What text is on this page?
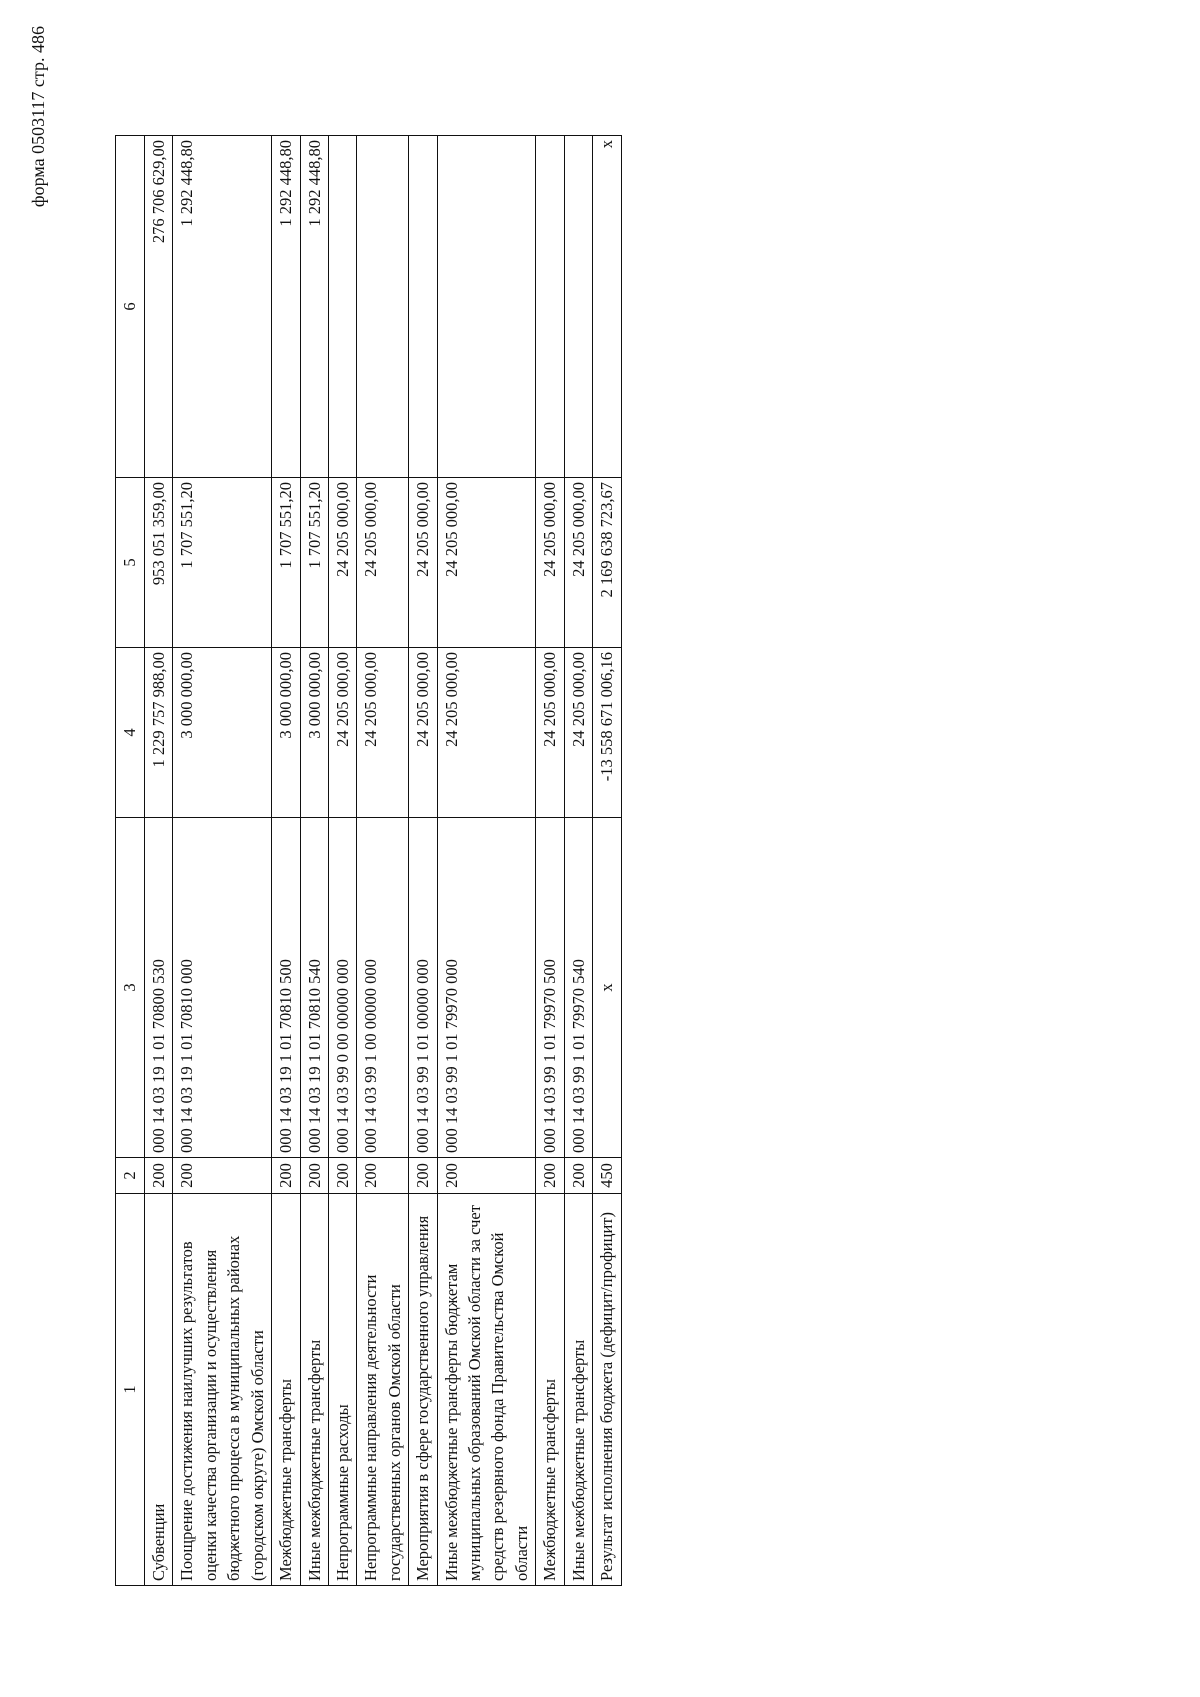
форма 0503117 стр. 486
1	2	3	4	5	6
Субвенции	200	000 14 03 19 1 01 70800 530	1 229 757 988,00	953 051 359,00	276 706 629,00
Поощрение достижения наилучших результатов оценки качества организации и осуществления бюджетного процесса в муниципальных районах (городском округе) Омской области	200	000 14 03 19 1 01 70810 000	3 000 000,00	1 707 551,20	1 292 448,80
Межбюджетные трансферты	200	000 14 03 19 1 01 70810 500	3 000 000,00	1 707 551,20	1 292 448,80
Иные межбюджетные трансферты	200	000 14 03 19 1 01 70810 540	3 000 000,00	1 707 551,20	1 292 448,80
Непрограммные расходы	200	000 14 03 99 0 00 00000 000	24 205 000,00	24 205 000,00	
Непрограммные направления деятельности государственных органов Омской области	200	000 14 03 99 1 00 00000 000	24 205 000,00	24 205 000,00	
Мероприятия в сфере государственного управления	200	000 14 03 99 1 01 00000 000	24 205 000,00	24 205 000,00	
Иные межбюджетные трансферты бюджетам муниципальных образований Омской области за счет средств резервного фонда Правительства Омской области	200	000 14 03 99 1 01 79970 000	24 205 000,00	24 205 000,00	
Межбюджетные трансферты	200	000 14 03 99 1 01 79970 500	24 205 000,00	24 205 000,00	
Иные межбюджетные трансферты	200	000 14 03 99 1 01 79970 540	24 205 000,00	24 205 000,00	
Результат исполнения бюджета (дефицит/профицит)	450	x	-13 558 671 006,16	2 169 638 723,67	x
